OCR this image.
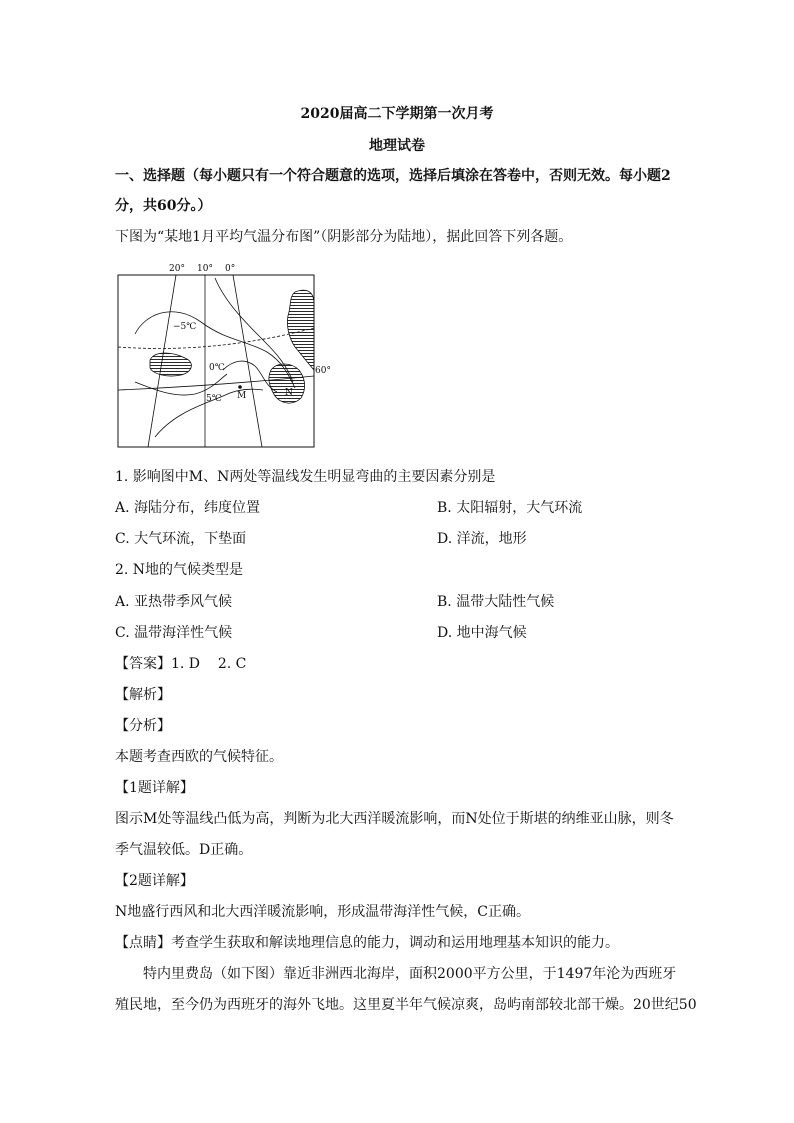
2020届高二下学期第一次月考
地理试卷
一、选择题（每小题只有一个符合题意的选项，选择后填涂在答卷中，否则无效。每小题2
分，共60分。）
下图为“某地1月平均气温分布图”（阴影部分为陆地），据此回答下列各题。
20° 10° 0°
−5℃
0℃
5℃ M	N
60°
1. 影响图中M、N两处等温线发生明显弯曲的主要因素分别是
A. 海陆分布，纬度位置	B. 太阳辐射，大气环流
C. 大气环流，下垫面	D. 洋流，地形
2. N地的气候类型是
A. 亚热带季风气候	B. 温带大陆性气候
C. 温带海洋性气候	D. 地中海气候
【答案】1. D    2. C
【解析】
【分析】
本题考查西欧的气候特征。
【1题详解】
图示M处等温线凸低为高，判断为北大西洋暖流影响，而N处位于斯堪的纳维亚山脉，则冬
季气温较低。D正确。
【2题详解】
N地盛行西风和北大西洋暖流影响，形成温带海洋性气候，C正确。
【点睛】考查学生获取和解读地理信息的能力，调动和运用地理基本知识的能力。
特内里费岛（如下图）靠近非洲西北海岸，面积2000平方公里，于1497年沦为西班牙
殖民地，至今仍为西班牙的海外飞地。这里夏半年气候凉爽，岛屿南部较北部干燥。20世纪50
